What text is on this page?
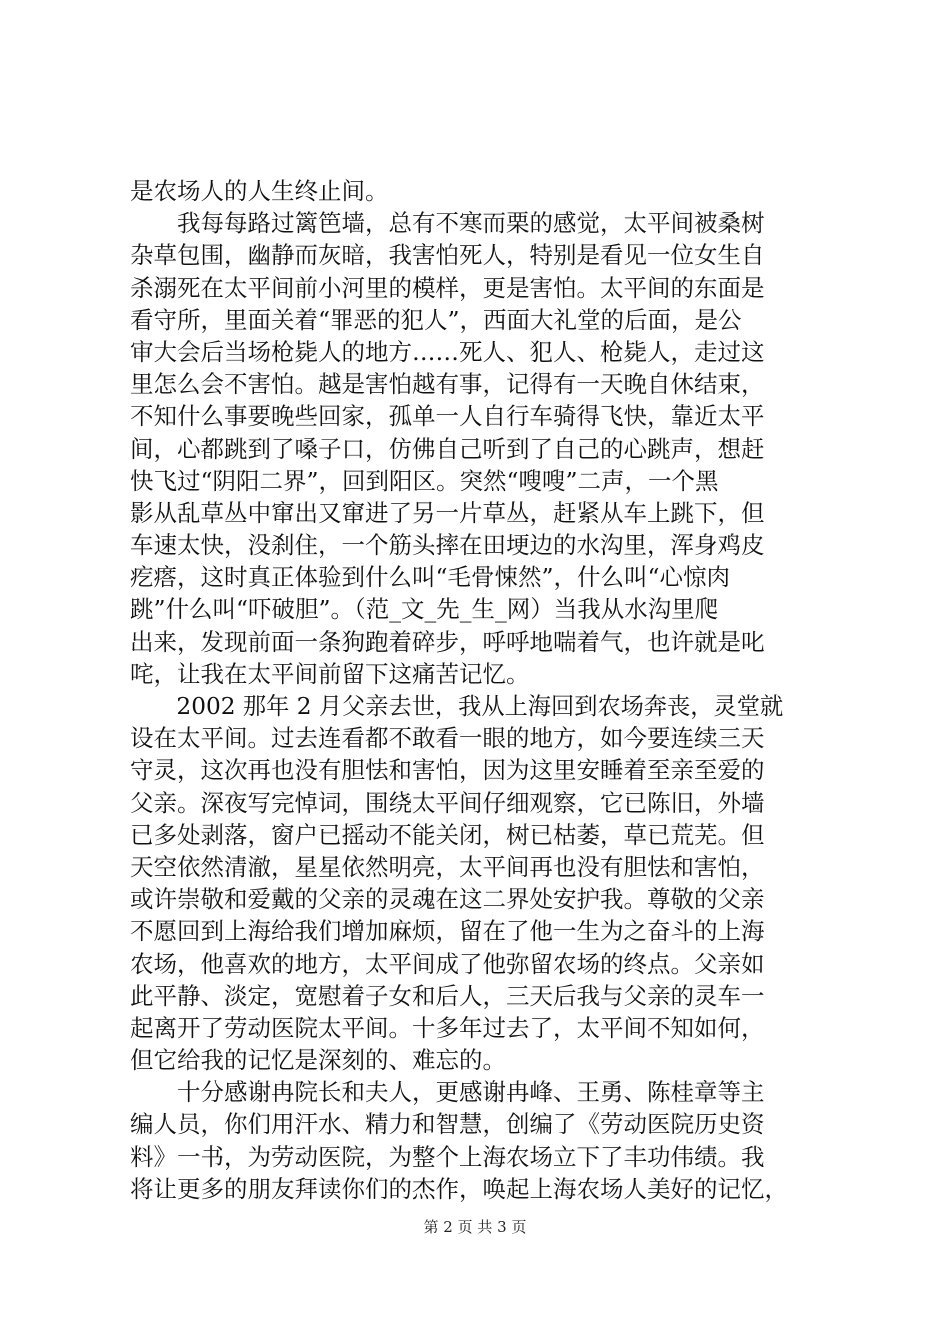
是农场人的人生终止间。
我每每路过篱笆墙，总有不寒而栗的感觉，太平间被桑树
杂草包围，幽静而灰暗，我害怕死人，特别是看见一位女生自
杀溺死在太平间前小河里的模样，更是害怕。太平间的东面是
看守所，里面关着“罪恶的犯人”，西面大礼堂的后面，是公
审大会后当场枪毙人的地方……死人、犯人、枪毙人，走过这
里怎么会不害怕。越是害怕越有事，记得有一天晚自休结束，
不知什么事要晚些回家，孤单一人自行车骑得飞快，靠近太平
间，心都跳到了嗓子口，仿佛自己听到了自己的心跳声，想赶
快飞过“阴阳二界”，回到阳区。突然“嗖嗖”二声，一个黑
影从乱草丛中窜出又窜进了另一片草丛，赶紧从车上跳下，但
车速太快，没刹住，一个筋头摔在田埂边的水沟里，浑身鸡皮
疙瘩，这时真正体验到什么叫“毛骨悚然”，什么叫“心惊肉
跳”什么叫“吓破胆”。（范_文_先_生_网）当我从水沟里爬
出来，发现前面一条狗跑着碎步，呼呼地喘着气，也许就是叱
咤，让我在太平间前留下这痛苦记忆。
2002 那年 2 月父亲去世，我从上海回到农场奔丧，灵堂就
设在太平间。过去连看都不敢看一眼的地方，如今要连续三天
守灵，这次再也没有胆怯和害怕，因为这里安睡着至亲至爱的
父亲。深夜写完悼词，围绕太平间仔细观察，它已陈旧，外墙
已多处剥落，窗户已摇动不能关闭，树已枯萎，草已荒芜。但
天空依然清澈，星星依然明亮，太平间再也没有胆怯和害怕，
或许崇敬和爱戴的父亲的灵魂在这二界处安护我。尊敬的父亲
不愿回到上海给我们增加麻烦，留在了他一生为之奋斗的上海
农场，他喜欢的地方，太平间成了他弥留农场的终点。父亲如
此平静、淡定，宽慰着子女和后人，三天后我与父亲的灵车一
起离开了劳动医院太平间。十多年过去了，太平间不知如何，
但它给我的记忆是深刻的、难忘的。
十分感谢冉院长和夫人，更感谢冉峰、王勇、陈桂章等主
编人员，你们用汗水、精力和智慧，创编了《劳动医院历史资
料》一书，为劳动医院，为整个上海农场立下了丰功伟绩。我
将让更多的朋友拜读你们的杰作，唤起上海农场人美好的记忆，
第 2 页 共 3 页
